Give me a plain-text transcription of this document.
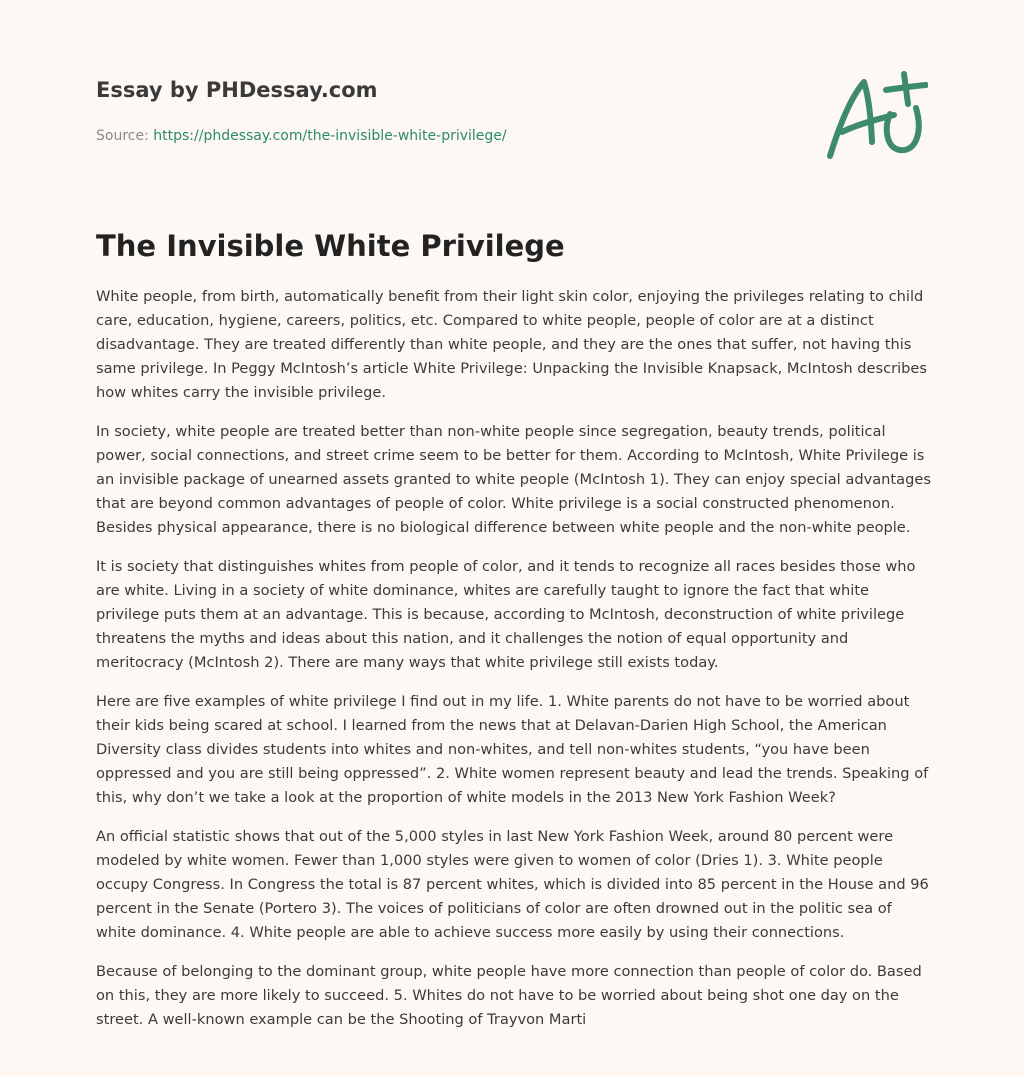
Essay by PHDessay.com

Source: https://phdessay.com/the-invisible-white-privilege/
The Invisible White Privilege

White people, from birth, automatically benefit from their light skin color, enjoying the privileges relating to child care, education, hygiene, careers, politics, etc. Compared to white people, people of color are at a distinct disadvantage. They are treated differently than white people, and they are the ones that suffer, not having this same privilege. In Peggy McIntosh’s article White Privilege: Unpacking the Invisible Knapsack, McIntosh describes how whites carry the invisible privilege.

In society, white people are treated better than non-white people since segregation, beauty trends, political power, social connections, and street crime seem to be better for them. According to McIntosh, White Privilege is an invisible package of unearned assets granted to white people (McIntosh 1). They can enjoy special advantages that are beyond common advantages of people of color. White privilege is a social constructed phenomenon. Besides physical appearance, there is no biological difference between white people and the non-white people.

It is society that distinguishes whites from people of color, and it tends to recognize all races besides those who are white. Living in a society of white dominance, whites are carefully taught to ignore the fact that white privilege puts them at an advantage. This is because, according to McIntosh, deconstruction of white privilege threatens the myths and ideas about this nation, and it challenges the notion of equal opportunity and meritocracy (McIntosh 2). There are many ways that white privilege still exists today.

Here are five examples of white privilege I find out in my life. 1. White parents do not have to be worried about their kids being scared at school. I learned from the news that at Delavan-Darien High School, the American Diversity class divides students into whites and non-whites, and tell non-whites students, “you have been oppressed and you are still being oppressed”. 2. White women represent beauty and lead the trends. Speaking of this, why don’t we take a look at the proportion of white models in the 2013 New York Fashion Week?

An official statistic shows that out of the 5,000 styles in last New York Fashion Week, around 80 percent were modeled by white women. Fewer than 1,000 styles were given to women of color (Dries 1). 3. White people occupy Congress. In Congress the total is 87 percent whites, which is divided into 85 percent in the House and 96 percent in the Senate (Portero 3). The voices of politicians of color are often drowned out in the politic sea of white dominance. 4. White people are able to achieve success more easily by using their connections.

Because of belonging to the dominant group, white people have more connection than people of color do. Based on this, they are more likely to succeed. 5. Whites do not have to be worried about being shot one day on the street. A well-known example can be the Shooting of Trayvon Marti
